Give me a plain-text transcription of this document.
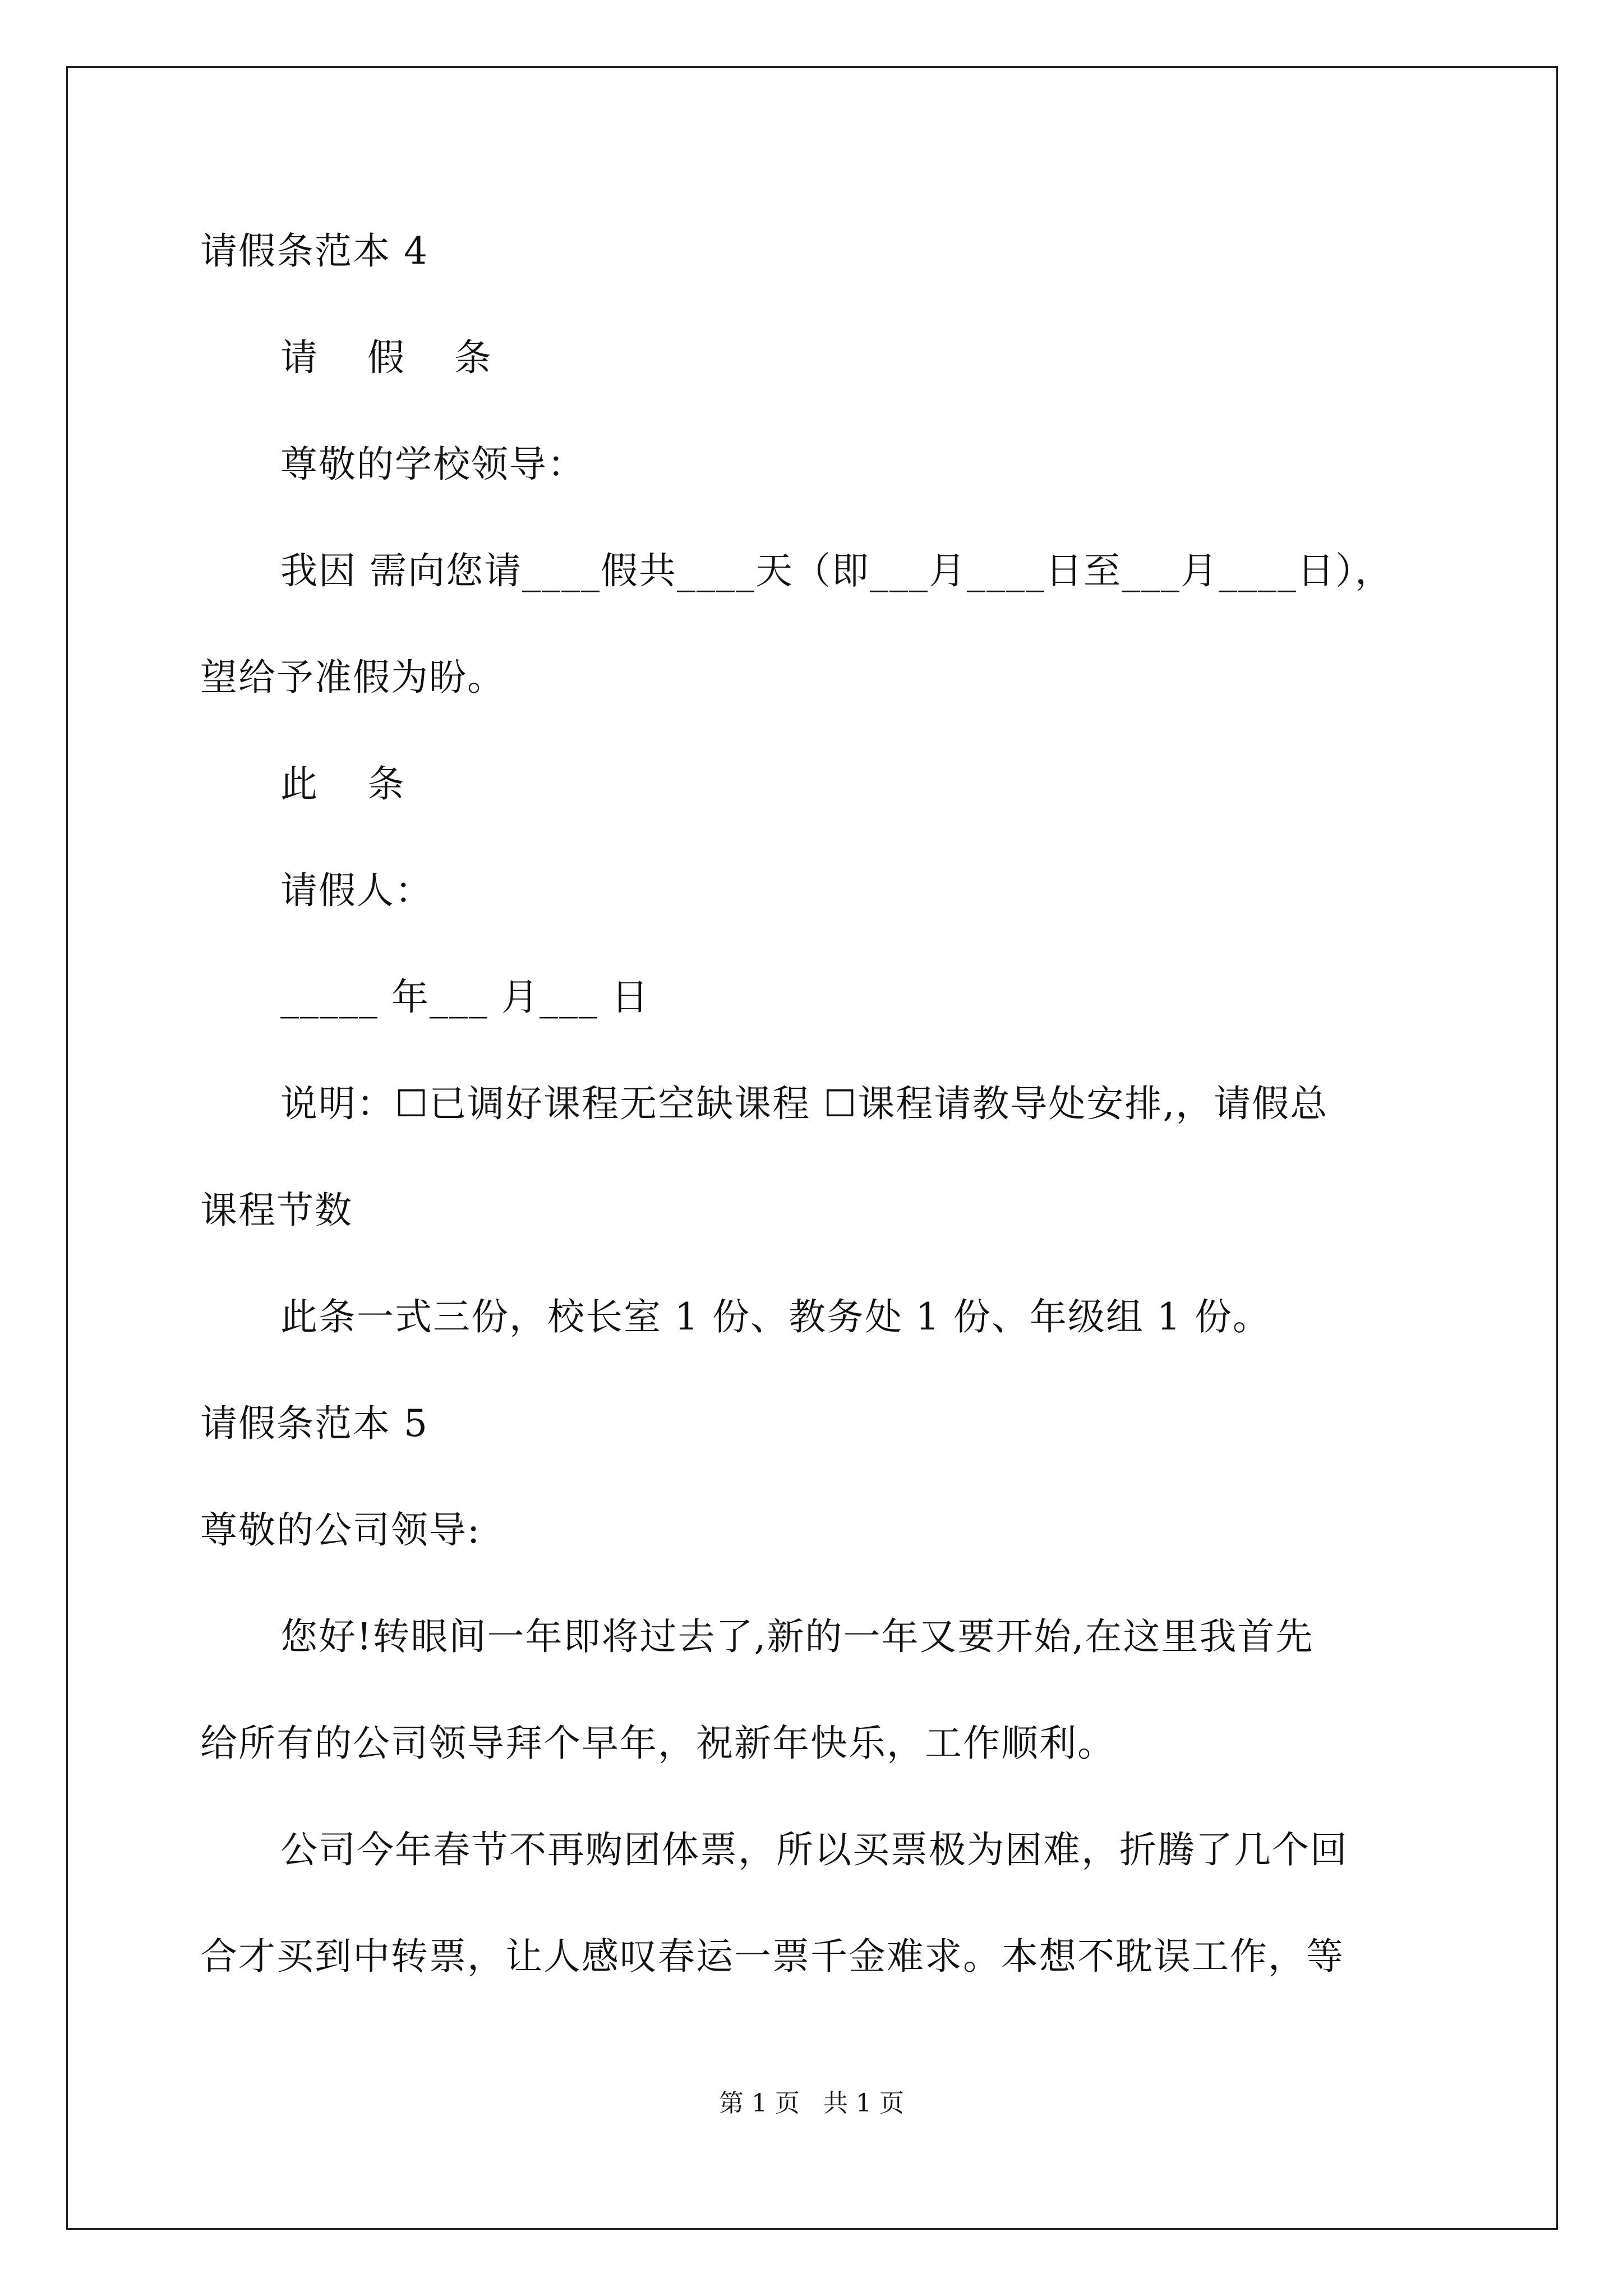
请假条范本 4
请 假 条
尊敬的学校领导：
我因 需向您请____假共____天（即___月____日至___月____日），
望给予准假为盼。
此 条
请假人：
_____ 年___ 月___ 日
说明：☐已调好课程无空缺课程 ☐课程请教导处安排,，请假总
课程节数
此条一式三份，校长室 1 份、教务处 1 份、年级组 1 份。
请假条范本 5
尊敬的公司领导:
您好!转眼间一年即将过去了,新的一年又要开始,在这里我首先
给所有的公司领导拜个早年，祝新年快乐，工作顺利。
公司今年春节不再购团体票，所以买票极为困难，折腾了几个回
合才买到中转票，让人感叹春运一票千金难求。本想不耽误工作，等
第 1 页   共 1 页
